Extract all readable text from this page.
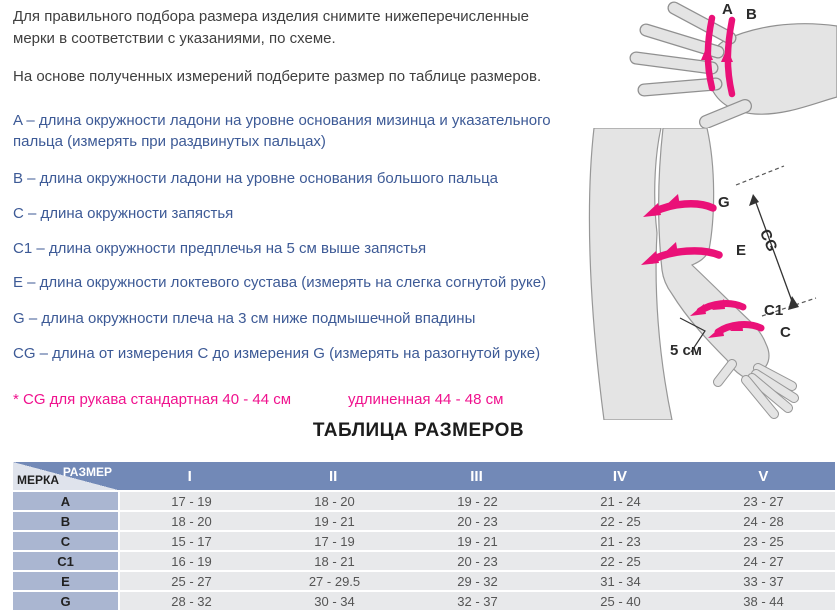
Для правильного подбора размера изделия снимите нижеперечисленные мерки в соответствии с указаниями, по схеме.
На основе полученных измерений подберите размер по таблице размеров.
A – длина окружности ладони на уровне основания мизинца и указательного пальца (измерять при раздвинутых пальцах)
B – длина окружности ладони на уровне основания большого пальца
C – длина окружности запястья
C1 – длина окружности предплечья на 5 см выше запястья
E – длина окружности локтевого сустава (измерять на слегка согнутой руке)
G – длина окружности плеча на 3 см ниже подмышечной впадины
CG – длина от измерения C до измерения G (измерять на разогнутой руке)
* CG для рукава стандартная 40 - 44 см	удлиненная 44 - 48 см
A B
G
E
C1
C
CG
5 см
ТАБЛИЦА РАЗМЕРОВ
РАЗМЕР
МЕРКА	I	II	III	IV	V
A	17 - 19	18 - 20	19 - 22	21 - 24	23 - 27
B	18 - 20	19 - 21	20 - 23	22 - 25	24 - 28
C	15 - 17	17 - 19	19 - 21	21 - 23	23 - 25
C1	16 - 19	18 - 21	20 - 23	22 - 25	24 - 27
E	25 - 27	27 - 29.5	29 - 32	31 - 34	33 - 37
G	28 - 32	30 - 34	32 - 37	25 - 40	38 - 44
